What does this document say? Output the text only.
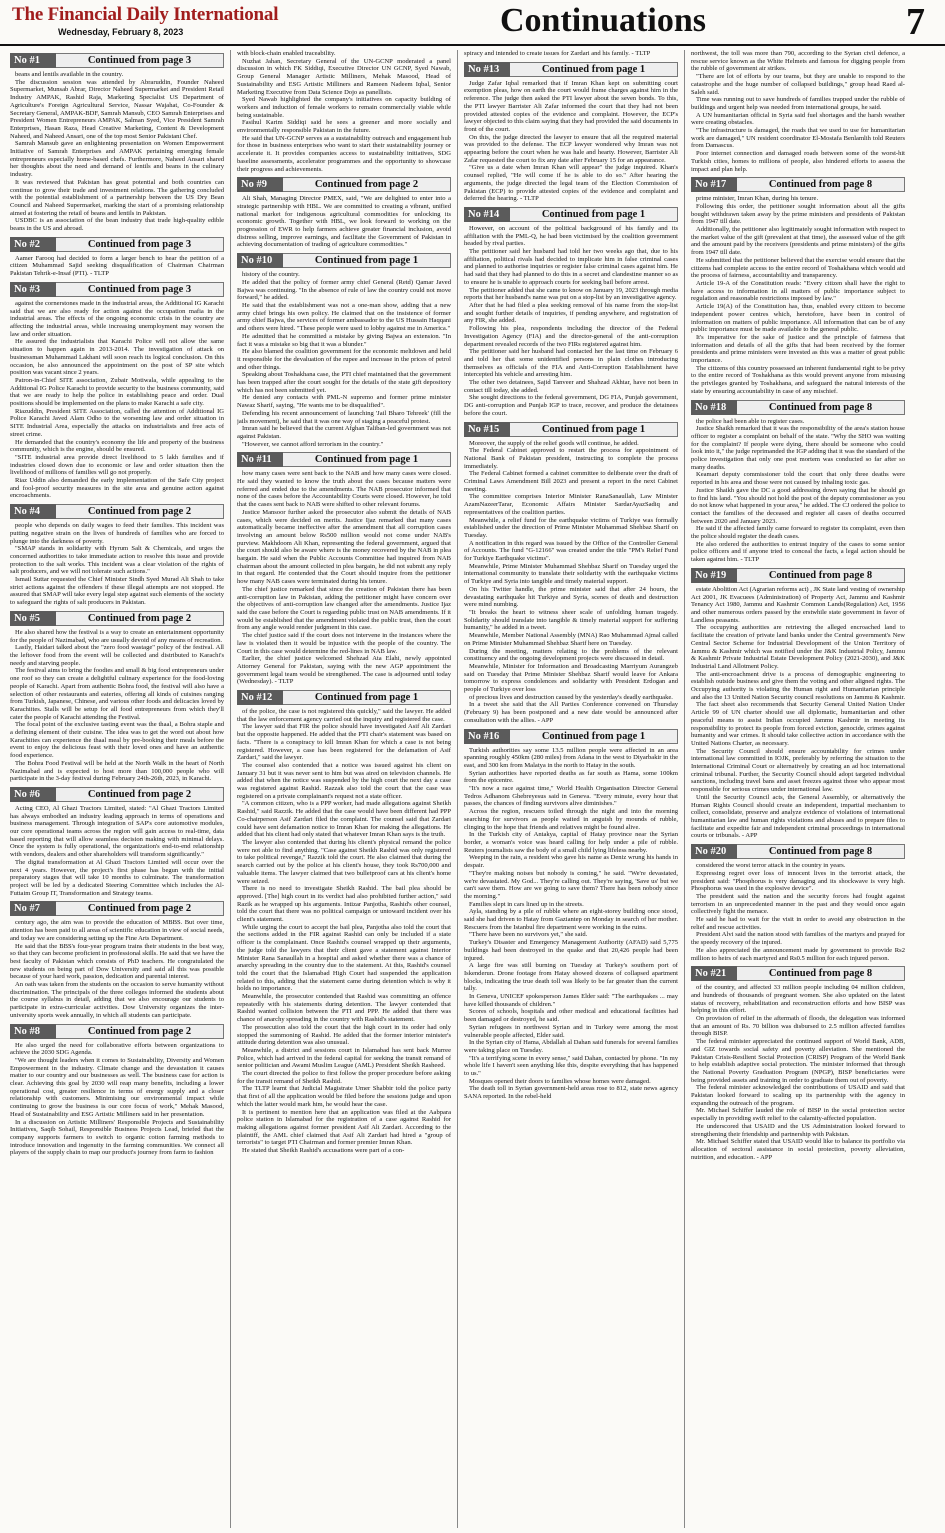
The Financial Daily International
Wednesday, February 8, 2023	Continuations	7
No #1	Continued from page 3

beans and lentils available in the country.

The discussion session was attended by Abraruddin, Founder Naheed Supermarket, Munsab Abrar, Director Naheed Supermarket and President Retail Industry AMPAK, Rashid Raja, Marketing Specialist US Department of Agriculture's Foreign Agricultural Service, Nassar Wajahat, Co-Founder & Secretary General, AMPAK-BDF, Samrah Mansub, CEO Samrah Enterprises and President Women Entrepreneurs AMPAK, Salman Syed, Vice President Samrah Enterprises, Hasan Raza, Head Creative Marketing, Content & Development Naheed, and Naheed Ansari, one of the top most Senior Pakistani Chef.

Samrah Mansub gave an enlightening presentation on Women Empowerment Initiative of Samrah Enterprises and AMPAK pertaining emerging female entrepreneurs especially home-based chefs. Furthermore, Naheed Ansari shared her thoughts about the need and demand of lentils and beans in the culinary industry.

It was reviewed that Pakistan has great potential and both countries can continue to grow their trade and investment relations. The gathering concluded with the potential establishment of a partnership between the US Dry Bean Council and Naheed Supermarket, marking the start of a promising relationship aimed at fostering the retail of beans and lentils in Pakistan.

USDBC is an association of the bean industry that trade high-quality edible beans in the US and abroad.

No #2	Continued from page 3

Aamer Farooq had decided to form a larger bench to hear the petition of a citizen Muhammad Sajid seeking disqualification of Chairman Chairman Pakistan Tehrik-e-Insaf (PTI). - TLTP

No #3	Continued from page 3

against the cornerstones made in the industrial areas, the Additional IG Karachi said that we are also ready for action against the occupation mafia in the industrial areas. The effects of the ongoing economic crisis in the country are affecting the industrial areas, while increasing unemployment may worsen the law and order situation.

He assured the industrialists that Karachi Police will not allow the same situation to happen again in 2013-2014. The investigation of attack on businessman Muhammad Lakhani will soon reach its logical conclusion. On this occasion, he also announced the appointment on the post of SP site which position was vacant since 2 years.

Patron-in-Chief SITE association, Zubair Motiwala, while appealing to the Additional IG Police Karachi to provide security to the business community, said that we are ready to help the police in establishing peace and order. Dual positions should be implemented on the plans to make Karachi a safe city.

Riazuddin, President SITE Association, called the attention of Additional IG Police Karachi Javed Alam Odho to the worsening law and order situation in SITE Industrial Area, especially the attacks on industrialists and free acts of street crime.

He demanded that the country's economy the life and property of the business community, which is the engine, should be ensured.

"SITE industrial area provide direct livelihood to 5 lakh families and if industries closed down due to economic or law and order situation then the livelihood of millions of families will go not properly.

Riaz Uddin also demanded the early implementation of the Safe City project and fool-proof security measures in the site area and genuine action against encroachments.

No #4	Continued from page 2

people who depends on daily wages to feed their families. This incident was putting negative strain on the lives of hundreds of families who are forced to plunge into the darkness of poverty.

"SMAP stands in solidarity with Hyrum Salt & Chemicals, and urges the concerned authorities to take immediate action to resolve this issue and provide protection to the salt works. This incident was a clear violation of the rights of salt producers, and we will not tolerate such actions."

Ismail Suttar requested the Chief Minister Sindh Syed Murad Ali Shah to take strict actions against the offenders if these illegal attempts are not stopped. He assured that SMAP will take every legal step against such elements of the society to safeguard the rights of salt producers in Pakistan.

No #5	Continued from page 2

He also shared how the festival is a way to create an entertainment opportunity for the people of Nazimabad, who are usually devoid of any means of recreation.

Lastly, Haidari talked about the "zero food wastage" policy of the festival. All the leftover food from the event will be collected and distributed to Karachi's needy and starving people.

The festival aims to bring the foodies and small & big food entrepreneurs under one roof so they can create a delightful culinary experience for the food-loving people of Karachi. Apart from authentic Bohra food, the festival will also have a selection of other restaurants and eateries, offering all kinds of cuisines ranging from Turkish, Japanese, Chinese, and various other foods and delicacies loved by Karachiites. Stalls will be setup for all food entrepreneurs from which they'll cater the people of Karachi attending the Festival.

The focal point of the exclusive tasting event was the thaal, a Bohra staple and a defining element of their cuisine. The idea was to get the word out about how Karachiites can experience the thaal meal by pre-booking their meals before the event to enjoy the delicious feast with their loved ones and have an authentic food experience.

The Bohra Food Festival will be held at the North Walk in the heart of North Nazimabad and is expected to host more than 100,000 people who will participate in the 3-day festival during February 24th-26th, 2023, in Karachi.

No #6	Continued from page 2

Acting CEO, Al Ghazi Tractors Limited, stated: "Al Ghazi Tractors Limited has always embodied an industry leading approach in terms of operations and business management. Through integration of SAP's core automotive modules, our core operational teams across the region will gain access to real-time, data based reporting that will allow seamless decision making with minimal delays. Once the system is fully operational, the organization's end-to-end relationship with vendors, dealers and other shareholders will transform significantly."

The digital transformation at Al Ghazi Tractors Limited will occur over the next 4 years. However, the project's first phase has begun with the initial preparatory stages that will take 10 months to culminate. The transformation project will be led by a dedicated Steering Committee which includes the Al-Futtaim Group IT, Transformation and Strategy teams.

No #7	Continued from page 2

century ago, the aim was to provide the education of MBBS. But over time, attention has been paid to all areas of scientific education in view of social needs, and today we are considering setting up the Fine Arts Department.

He said that the BBS's four-year program trains their students in the best way, so that they can become proficient in professional skills. He said that we have the best faculty of Pakistan which consists of PhD teachers. He congratulated the new students on being part of Dow University and said all this was possible because of your hard work, passion, dedication and parental interest.

An oath was taken from the students on the occasion to serve humanity without discrimination. The principals of the three colleges informed the students about the course syllabus in detail, adding that we also encourage our students to participate in extra-curricular activities. Dow University organizes the inter-university sports week annually, in which all students can participate.

No #8	Continued from page 2

He also urged the need for collaborative efforts between organizations to achieve the 2030 SDG Agenda.

"We are thought leaders when it comes to Sustainability, Diversity and Women Empowerment in the industry. Climate change and the devastation it causes matter to our country and our businesses as well. The business case for action is clear. Achieving this goal by 2030 will reap many benefits, including a lower operational cost, greater resilience in terms of energy supply and a closer relationship with customers. Minimising our environmental impact while continuing to grow the business is our core focus of work," Mehak Masood, Head of Sustainability and ESG Artistic Milliners said in her presentation.

In a discussion on Artistic Milliners' Responsible Projects and Sustainability Initiatives, Saqib Sohail, Responsible Business Projects Lead, briefed that the company supports farmers to switch to organic cotton farming methods to introduce innovation and ingenuity in the farming communities. We connect all players of the supply chain to map our product's journey from farm to fashion

with block-chain enabled traceability.

Nuzhat Jahan, Secretary General of the UN-GCNP moderated a panel discussion in which FK Siddiqi, Executive Director UN GCNP, Syed Nawab, Group General Manager Artistic Milliners, Mehak Masood, Head of Sustainability and ESG Artistic Milliners and Rameen Nadeem Iqbal, Senior Marketing Executive from Data Science Dojo as panellists.

Syed Nawab highlighted the company's initiatives on capacity building of workers and induction of female workers to remain commercially viable while being sustainable.

Fasihul Karim Siddiqi said he sees a greener and more socially and environmentally responsible Pakistan in the future.

He said that UN-GCNP serves as a sustainability outreach and engagement hub for those in business enterprises who want to start their sustainability journey or accelerate it. It provides companies access to sustainability initiatives, SDG baseline assessments, accelerator programmes and the opportunity to showcase their progress and achievements.

No #9	Continued from page 2

Ali Shah, Managing Director PMEX, said, "We are delighted to enter into a strategic partnership with HBL. We are committed to creating a vibrant, unified national market for indigenous agricultural commodities for unlocking its economic growth. Together with HBL, we look forward to working on the progression of EWR to help farmers achieve greater financial inclusion, avoid distress selling, improve earnings, and facilitate the Government of Pakistan in achieving documentation of trading of agriculture commodities."

No #10	Continued from page 1

history of the country.

He added that the policy of former army chief General (Retd) Qamar Javed Bajwa was continuing. "In the absence of rule of law the country could not move forward," he added.

He said that the establishment was not a one-man show, adding that a new army chief brings his own policy. He claimed that on the insistence of former army chief Bajwa, the services of former ambassador to the US Hussain Haqqani and others were hired. "These people were used to lobby against me in America."

He admitted that he committed a mistake by giving Bajwa an extension. "In fact it was a mistake so big that it was a blunder."

He also blamed the coalition government for the economic meltdown and held it responsible for the devaluation of the rupee and increase in the prices of petrol and other things.

Speaking about Toshakhana case, the PTI chief maintained that the government has been trapped after the court sought for the details of the state gift depository which has not been submitted yet.

He denied any contacts with PML-N supremo and former prime minister Nawaz Sharif, saying, "He wants me to be disqualified".

Defending his recent announcement of launching 'Jail Bharo Tehreek' (fill the jails movement), he said that it was one way of staging a peaceful protest.

Imran said he believed that the current Afghan Taliban-led government was not against Pakistan.

"However, we cannot afford terrorism in the country."

No #11	Continued from page 1

how many cases were sent back to the NAB and how many cases were closed. He said they wanted to know the truth about the cases because matters were referred and ended due to the amendments. The NAB prosecutor informed that none of the cases before the Accountability Courts were closed. However, he told that the cases sent back to NAB were shifted to other relevant forums.

Justice Mansoor further asked the prosecutor also submit the details of NAB cases, which were decided on merits. Justice Ijaz remarked that many cases automatically became ineffective after the amendment that all corruption cases involving an amount below Rs500 million would not come under NAB's purview. Makhdoom Ali Khan, representing the federal government, argued that the court should also be aware where is the money recovered by the NAB in plea bargain. He said when the Public Accounts Committee had inquired from NAB chairman about the amount collected in plea bargain, he did not submit any reply in that regard. He contended that the Court should inquire from the petitioner how many NAB cases were terminated during his tenure.

The chief justice remarked that since the creation of Pakistan there has been anti-corruption law in Pakistan, adding the petitioner might have concern over the objectives of anti-corruption law changed after the amendments. Justice Ijaz said the case before the Court is regarding public trust on NAB amendments. If it would be established that the amendment violated the public trust, then the court from any angle would render judgment in this case.

The chief justice said if the court does not intervene in the instances where the law is violated then it would be injustice with the people of the country. The Court in this case would determine the red-lines in NAB law.

Earlier, the chief justice welcomed Shehzad Ata Elahi, newly appointed Attorney General for Pakistan, saying with the new AGP appointment the government legal team would be strengthened. The case is adjourned until today (Wednesday). - TLTP

No #12	Continued from page 1

of the police, the case is not registered this quickly," said the lawyer. He added that the law enforcement agency carried out the inquiry and registered the case.

The lawyer said that FIR the police should have investigated Asif Ali Zardari but the opposite happened. He added that the PTI chair's statement was based on facts. "There is a conspiracy to kill Imran Khan for which a case is not being registered. However, a case has been registered for the defamation of Asif Zardari," said the lawyer.

The counsel also contended that a notice was issued against his client on January 31 but it was never sent to him but was aired on television channels. He added that when the notice was suspended by the high court the next day a case was registered against Rashid. Razzak also told the court that the case was registered on a private complainant's request not a state officer.

"A common citizen, who is a PPP worker, had made allegations against Sheikh Rashid," said Razzik. He added that the case would have been different had PPP Co-chairperson Asif Zardari filed the complaint. The counsel said that Zardari could have sent defamation notice to Imran Khan for making the allegations. He added that his client had only stated that whatever Imran Khan says is the truth.

The lawyer also contended that during his client's physical remand the police were not able to find anything. "Case against Sheikh Rashid was only registered to take political revenge," Razzik told the court. He also claimed that during the search carried out by the police at his client's house, they took Rs700,000 and valuable items. The lawyer claimed that two bulletproof cars at his client's home were seized.

There is no need to investigate Sheikh Rashid. The bail plea should be approved. [The] high court in its verdict had also prohibited further action," said Razik as he wrapped up his arguments. Intizar Panjotha, Rashid's other counsel, told the court that there was no political campaign or untoward incident over his client's statement.

While urging the court to accept the bail plea, Panjotha also told the court that the sections added in the FIR against Rashid can only be included if a state officer is the complainant. Once Rashid's counsel wrapped up their arguments, the judge told the lawyers that their client gave a statement against Interior Minister Rana Sanaullah in a hospital and asked whether there was a chance of anarchy spreading in the country due to the statement. At this, Rashid's counsel told the court that the Islamabad High Court had suspended the application related to this, adding that the statement came during detention which is why it holds no importance.

Meanwhile, the prosecutor contended that Rashid was committing an offence repeatedly with his statements during detention. The lawyer contended that Rashid wanted collision between the PTI and PPP. He added that there was chance of anarchy spreading in the country with Rashid's statement.

The prosecution also told the court that the high court in its order had only stopped the summoning of Rashid. He added that the former interior minister's attitude during detention was also unusual.

Meanwhile, a district and sessions court in Islamabad has sent back Murree Police, which had arrived in the federal capital for seeking the transit remand of senior politician and Awami Muslim League (AML) President Sheikh Rasheed.

The court directed the police to first follow the proper procedure before asking for the transit remand of Sheikh Rashid.

The TLTP learnt that Judicial Magistrate Umer Shabbir told the police party that first of all the application would be filed before the sessions judge and upon which the latter would mark him, he would hear the case.

It is pertinent to mention here that an application was filed at the Aabpara police station in Islamabad for the registration of a case against Rashid for making allegations against former president Asif Ali Zardari. According to the plaintiff, the AML chief claimed that Asif Ali Zardari had hired a "group of terrorists" to target PTI Chairman and former premier Imran Khan.

He stated that Sheikh Rashid's accusations were part of a con-

spiracy and intended to create issues for Zardari and his family. - TLTP

No #13	Continued from page 1

Judge Zafar Iqbal remarked that if Imran Khan kept on submitting court exemption pleas, how on earth the court would frame charges against him in the reference. The judge then asked the PTI lawyer about the seven bonds. To this, the PTI lawyer Barrister Ali Zafar informed the court that they had not been provided attested copies of the evidence and complaint. However, the ECP's lawyer objected to this claim saying that they had provided the said documents in front of the court.

On this, the judge directed the lawyer to ensure that all the required material was provided to the defense. The ECP lawyer wondered why Imran was not appearing before the court when he was hale and hearty. However, Barrister Ali Zafar requested the court to fix any date after February 15 for an appearance.

"Give us a date when Imran Khan will appear" the judge inquired. Khan's counsel replied, "He will come if he is able to do so." After hearing the arguments, the judge directed the legal team of the Election Commission of Pakistan (ECP) to provide attested copies of the evidence and complaint and deferred the hearing. - TLTP

No #14	Continued from page 1

However, on account of the political background of his family and its affiliation with the PML-Q, he had been victimised by the coalition government headed by rival parties.

The petitioner said her husband had told her two weeks ago that, due to his affiliation, political rivals had decided to implicate him in false criminal cases and planned to authorise inquiries or register false criminal cases against him. He had said that they had planned to do this in a secret and clandestine manner so as to ensure he is unable to approach courts for seeking bail before arrest.

The petitioner added that she came to know on January 19, 2023 through media reports that her husband's name was put on a stop-list by an investigative agency.

After that he had filed a plea seeking removal of his name from the stop-list and sought further details of inquiries, if pending anywhere, and registration of any FIR, she added.

Following his plea, respondents including the director of the Federal Investigation Agency (FIA) and the director-general of the anti-corruption department revealed records of the two FIRs registered against him.

The petitioner said her husband had contacted her the last time on February 6 and told her that some unidentified persons in plain clothes introducing themselves as officials of the FIA and Anti-Corruption Establishment have intercepted his vehicle and arresting him.

The other two detainees, Sajid Tanveer and Shahzad Akhtar, have not been in contact till today, she added.

She sought directions to the federal government, DG FIA, Punjab government, DG anti-corruption and Punjab IGP to trace, recover, and produce the detainees before the court.

No #15	Continued from page 1

Moreover, the supply of the relief goods will continue, he added.

The Federal Cabinet approved to restart the process for appointment of National Bank of Pakistan president, instructing to complete the process immediately.

The Federal Cabinet formed a cabinet committee to deliberate over the draft of Criminal Laws Amendment Bill 2023 and present a report in the next Cabinet meeting.

The committee comprises Interior Minister RanaSanaullah, Law Minister AzamNazeerTarar, Economic Affairs Minister SardarAyazSadiq and representatives of the coalition parties.

Meanwhile, a relief fund for the earthquake victims of Turkiye was formally established under the direction of Prime Minister Muhammad Shehbaz Sharif on Tuesday.

A notification in this regard was issued by the Office of the Controller General of Accounts. The fund "G-12166" was created under the title "PM's Relief Fund for Turkiye Earthquake victims".

Meanwhile, Prime Minister Muhammad Shehbaz Sharif on Tuesday urged the international community to translate their solidarity with the earthquake victims of Turkiye and Syria into tangible and timely material support.

On his Twitter handle, the prime minister said that after 24 hours, the devastating earthquake hit Turkiye and Syria, scenes of death and destruction were mind numbing.

"It breaks the heart to witness sheer scale of unfolding human tragedy. Solidarity should translate into tangible & timely material support for suffering humanity," he added in a tweet.

Meanwhile, Member National Assembly (MNA) Rao Muhammad Ajmal called on Prime Minister Muhammad Shehbaz Sharif here on Tuesday.

During the meeting, matters relating to the problems of the relevant constituency and the ongoing development projects were discussed in detail.

Meanwhile, Minister for Information and Broadcasting Marriyum Aurangzeb said on Tuesday that Prime Minister Shehbaz Sharif would leave for Ankara tomorrow to express condolences and solidarity with President Erdogan and people of Turkiye over loss

of precious lives and destruction caused by the yesterday's deadly earthquake.

In a tweet she said that the All Parties Conference convened on Thursday (February 9) has been postponed and a new date would be announced after consultation with the allies. - APP

No #16	Continued from page 1

Turkish authorities say some 13.5 million people were affected in an area spanning roughly 450km (280 miles) from Adana in the west to Diyarbakir in the east, and 300 km from Malatya in the north to Hatay in the south.

Syrian authorities have reported deaths as far south as Hama, some 100km from the epicentre.

"It's now a race against time," World Health Organisation Director General Tedros Adhanom Ghebreyesus said in Geneva. "Every minute, every hour that passes, the chances of finding survivors alive diminishes."

Across the region, rescuers toiled through the night and into the morning searching for survivors as people waited in anguish by mounds of rubble, clinging to the hope that friends and relatives might be found alive.

In the Turkish city of Antakya, capital of Hatay province near the Syrian border, a woman's voice was heard calling for help under a pile of rubble. Reuters journalists saw the body of a small child lying lifeless nearby.

Weeping in the rain, a resident who gave his name as Deniz wrung his hands in despair.

"They're making noises but nobody is coming," he said. "We're devastated, we're devastated. My God... They're calling out. They're saying, 'Save us' but we can't save them. How are we going to save them? There has been nobody since the morning."

Families slept in cars lined up in the streets.

Ayla, standing by a pile of rubble where an eight-storey building once stood, said she had driven to Hatay from Gaziantep on Monday in search of her mother. Rescuers from the Istanbul fire department were working in the ruins.

"There have been no survivors yet," she said.

Turkey's Disaster and Emergency Management Authority (AFAD) said 5,775 buildings had been destroyed in the quake and that 20,426 people had been injured.

A large fire was still burning on Tuesday at Turkey's southern port of Iskenderun. Drone footage from Hatay showed dozens of collapsed apartment blocks, indicating the true death toll was likely to be far greater than the current tally.

In Geneva, UNICEF spokesperson James Elder said: "The earthquakes ... may have killed thousands of children."

Scores of schools, hospitals and other medical and educational facilities had been damaged or destroyed, he said.

Syrian refugees in northwest Syrian and in Turkey were among the most vulnerable people affected, Elder said.

In the Syrian city of Hama, Abdallah al Dahan said funerals for several families were taking place on Tuesday.

"It's a terrifying scene in every sense," said Dahan, contacted by phone. "In my whole life I haven't seen anything like this, despite everything that has happened to us."

Mosques opened their doors to families whose homes were damaged.

The death toll in Syrian government-held areas rose to 812, state news agency SANA reported. In the rebel-held

northwest, the toll was more than 790, according to the Syrian civil defence, a rescue service known as the White Helmets and famous for digging people from the rubble of government air strikes.

"There are lot of efforts by our teams, but they are unable to respond to the catastrophe and the huge number of collapsed buildings," group head Raed al-Saleh said.

Time was running out to save hundreds of families trapped under the rubble of buildings and urgent help was needed from international groups, he said.

A UN humanitarian official in Syria said fuel shortages and the harsh weather were creating obstacles.

"The infrastructure is damaged, the roads that we used to use for humanitarian work are damaged," UN resident coordinator El-Mostafa Benlamlih told Reuters from Damascus.

Poor internet connection and damaged roads between some of the worst-hit Turkish cities, homes to millions of people, also hindered efforts to assess the impact and plan help.

No #17	Continued from page 8

prime minister, Imran Khan, during his tenure.

Following this order, the petitioner sought information about all the gifts bought withdrawn taken away by the prime ministers and presidents of Pakistan from 1947 till date.

Additionally, the petitioner also legitimately sought information with respect to the market value of the gift (prevalent at that time), the assessed value of the gift and the amount paid by the receivers (presidents and prime ministers) of the gifts from 1947 till date.

He submitted that the petitioner believed that the exercise would ensure that the citizens had complete access to the entire record of Toshakhana which would aid the process of fairness, accountability and transparency.

Article 19-A of the Constitution reads: "Every citizen shall have the right to have access to information in all matters of public importance subject to regulation and reasonable restrictions imposed by law."

Article 19(A) of the Constitution has, thus, enabled every citizen to become independent power centres which, heretofore, have been in control of information on matters of public importance. All information that can be of any public importance must be made available to the general public.

It's imperative for the sake of justice and the principle of fairness that information and details of all the gifts that had been received by the former presidents and prime ministers were invested as this was a matter of great public importance.

The citizens of this country possessed an inherent fundamental right to be privy to the entire record of Toshakhana as this would prevent anyone from misusing the privileges granted by Toshakhana, and safeguard the natural interests of the state by ensuring accountability in case of any mischief.

No #18	Continued from page 8

the police had been able to register cases.

Justice Shaikh remarked that it was the responsibility of the area's station house officer to register a complaint on behalf of the state. "Why the SHO was waiting for the complaint? If people were dying, there should be someone who could look into it," the judge reprimanded the IGP adding that it was the standard of the police investigation that only one post mortem was conducted so far after so many deaths.

Keamari deputy commissioner told the court that only three deaths were reported in his area and those were not caused by inhaling toxic gas.

Justice Shaikh gave the DC a good addressing down saying that he should go to find his land. "You should not hold the post of the deputy commissioner as you do not know what happened in your area," he added. The CJ ordered the police to contact the families of the deceased and register all cases of deaths occurred between 2020 and January 2023.

He said if the affected family came forward to register its complaint, even then the police should register the death cases.

He also ordered the authorities to entrust inquiry of the cases to some senior police officers and if anyone tried to conceal the facts, a legal action should be taken against him. - TLTP

No #19	Continued from page 8

estate Abolition Act (Agrarian reforms act) , JK State land vesting of ownership Act 2001, JK Evacuees (Administration) of Property Act, Jammu and Kashmir Tenancy Act 1980, Jammu and Kashmir Common Lands(Regulation) Act, 1956 and other numerous orders passed by the erstwhile state government in favor of Landless peasants.

The occupying authorities are retrieving the alleged encroached land to facilitate the creation of private land banks under the Central government's New Central Sector Scheme for Industrial Development of the Union Territory of Jammu & Kashmir which was notified under the J&K Industrial Policy, Jammu & Kashmir Private Industrial Estate Development Policy (2021-2030), and J&K Industrial Land Allotment Policy.

The anti-encroachment drive is a process of demographic engineering to establish outside business and give them the voting and other aligned rights. The Occupying authority is violating the Human right and Humanitarian principle and also the 13 United Nation Security council resolutions on Jammu & Kashmir.

The fact sheet also recommends that Security General United Nation Under Article 99 of UN charter should use all diplomatic, humanitarian and other peaceful means to assist Indian occupied Jammu Kashmir in meeting its responsibility to protect its people from forced eviction, genocide, crimes against humanity and war crimes. It should take collective action in accordance with the United Nations Charter, as necessary.

The Security Council should ensure accountability for crimes under international law committed in IOJK, preferably by referring the situation to the International Criminal Court or alternatively by creating an ad hoc international criminal tribunal. Further, the Security Council should adopt targeted individual sanctions, including travel bans and asset freezes against those who appear most responsible for serious crimes under international law.

Until the Security Council acts, the General Assembly, or alternatively the Human Rights Council should create an independent, impartial mechanism to collect, consolidate, preserve and analyze evidence of violations of international humanitarian law and human rights violations and abuses and to prepare files to facilitate and expedite fair and independent criminal proceedings in international courts or tribunals. - APP

No #20	Continued from page 8

considered the worst terror attack in the country in years.

Expressing regret over loss of innocent lives in the terrorist attack, the president said: "Phosphorus is very damaging and its shockwave is very high. Phosphorus was used in the explosive device".

The president said the nation and the security forces had fought against terrorism in an unprecedented manner in the past and they would once again collectively fight the menace.

He said he had to wait for the visit in order to avoid any obstruction in the relief and rescue activities.

President Alvi said the nation stood with families of the martyrs and prayed for the speedy recovery of the injured.

He also appreciated the announcement made by government to provide Rs2 million to heirs of each martyred and Rs0.5 million for each injured person.

No #21	Continued from page 8

of the country, and affected 33 million people including 04 million children, and hundreds of thousands of pregnant women. She also updated on the latest status of recovery, rehabilitation and reconstruction efforts and how BISP was helping in this effort.

On provision of relief in the aftermath of floods, the delegation was informed that an amount of Rs. 70 billion was disbursed to 2.5 million affected families through BISP.

The federal minister appreciated the continued support of World Bank, ADB, and GIZ towards social safety and poverty alleviation. She mentioned the Pakistan Crisis-Resilient Social Protection (CRISP) Program of the World Bank to help establish adaptive social protection. The minister informed that through the National Poverty Graduation Program (NPGP), BISP beneficiaries were being provided assets and training in order to graduate them out of poverty.

The federal minister acknowledged the contributions of USAID and said that Pakistan looked forward to scaling up its partnership with the agency in expanding the outreach of the program.

Mr. Michael Schiffer lauded the role of BISP in the social protection sector especially in providing swift relief to the calamity-affected population.

He underscored that USAID and the US Administration looked forward to strengthening their friendship and partnership with Pakistan.

Mr. Michael Schiffer stated that USAID would like to balance its portfolio via allocation of sectoral assistance in social protection, poverty alleviation, nutrition, and education. - APP
